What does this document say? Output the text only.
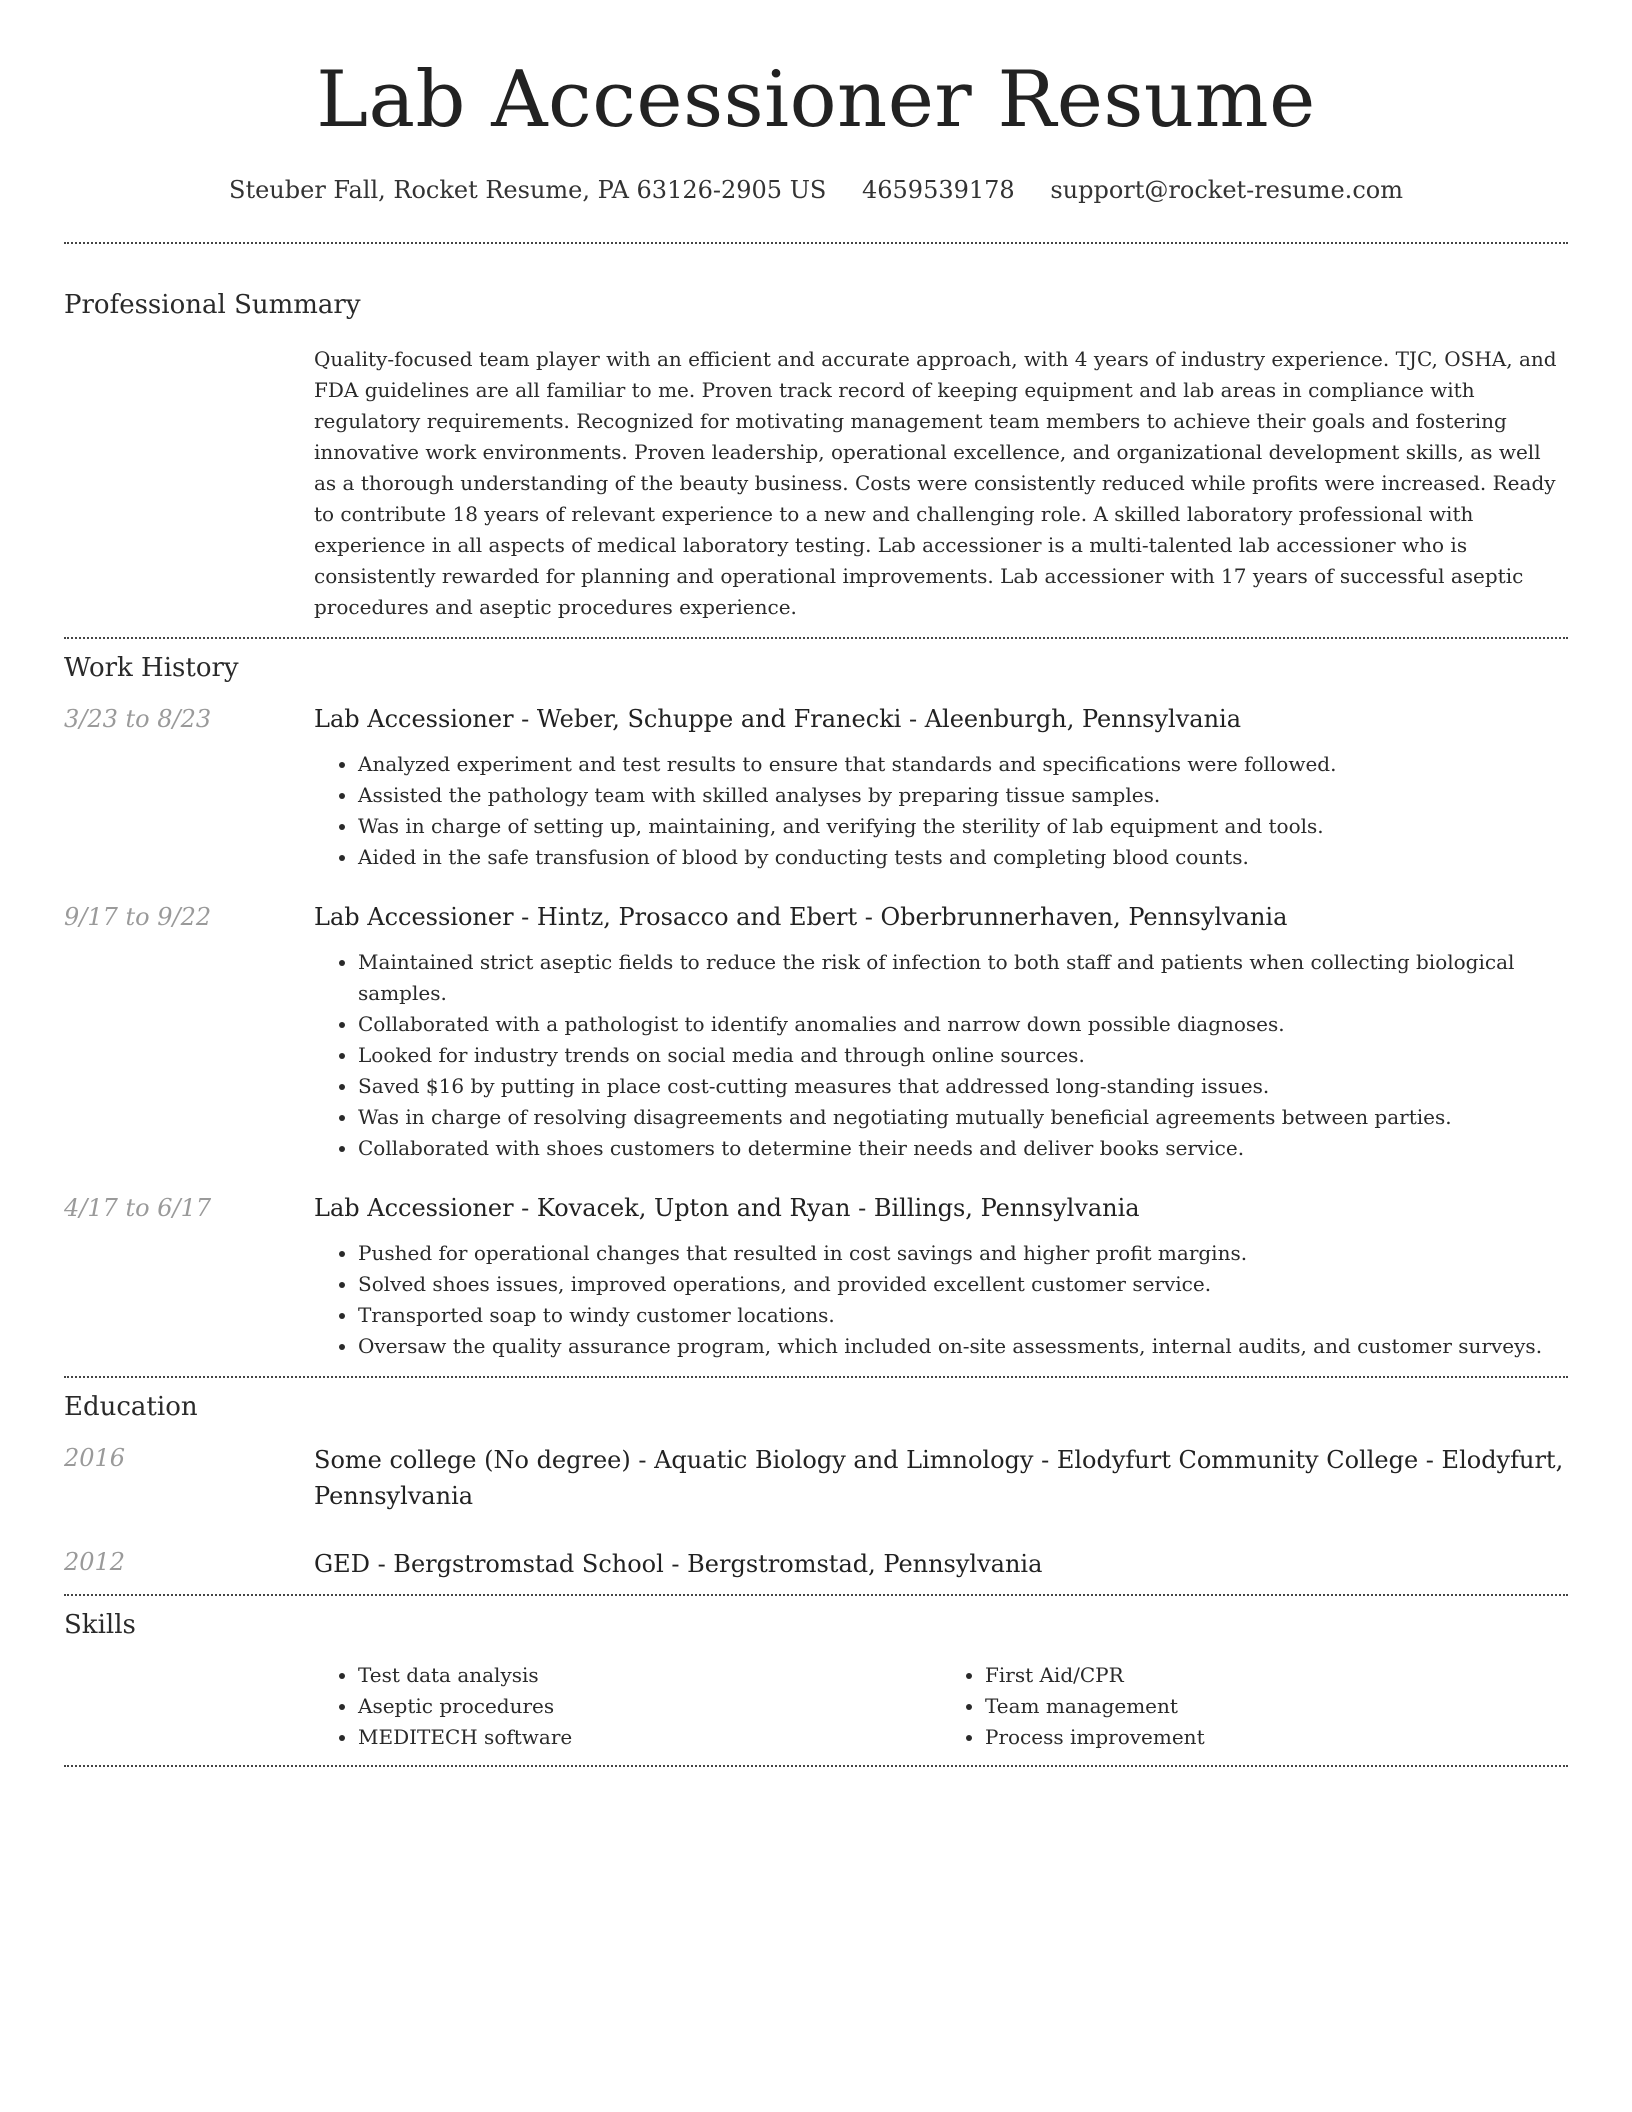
Lab Accessioner Resume
Steuber Fall, Rocket Resume, PA 63126-2905 US 4659539178 support@rocket-resume.com
Professional Summary

Quality-focused team player with an efficient and accurate approach, with 4 years of industry experience. TJC, OSHA, and FDA guidelines are all familiar to me. Proven track record of keeping equipment and lab areas in compliance with regulatory requirements. Recognized for motivating management team members to achieve their goals and fostering innovative work environments. Proven leadership, operational excellence, and organizational development skills, as well as a thorough understanding of the beauty business. Costs were consistently reduced while profits were increased. Ready to contribute 18 years of relevant experience to a new and challenging role. A skilled laboratory professional with experience in all aspects of medical laboratory testing. Lab accessioner is a multi-talented lab accessioner who is consistently rewarded for planning and operational improvements. Lab accessioner with 17 years of successful aseptic procedures and aseptic procedures experience.

Work History
3/23 to 8/23	Lab Accessioner - Weber, Schuppe and Franecki - Aleenburgh, Pennsylvania
• Analyzed experiment and test results to ensure that standards and specifications were followed.
• Assisted the pathology team with skilled analyses by preparing tissue samples.
• Was in charge of setting up, maintaining, and verifying the sterility of lab equipment and tools.
• Aided in the safe transfusion of blood by conducting tests and completing blood counts.
9/17 to 9/22	Lab Accessioner - Hintz, Prosacco and Ebert - Oberbrunnerhaven, Pennsylvania
• Maintained strict aseptic fields to reduce the risk of infection to both staff and patients when collecting biological samples.
• Collaborated with a pathologist to identify anomalies and narrow down possible diagnoses.
• Looked for industry trends on social media and through online sources.
• Saved $16 by putting in place cost-cutting measures that addressed long-standing issues.
• Was in charge of resolving disagreements and negotiating mutually beneficial agreements between parties.
• Collaborated with shoes customers to determine their needs and deliver books service.
4/17 to 6/17	Lab Accessioner - Kovacek, Upton and Ryan - Billings, Pennsylvania
• Pushed for operational changes that resulted in cost savings and higher profit margins.
• Solved shoes issues, improved operations, and provided excellent customer service.
• Transported soap to windy customer locations.
• Oversaw the quality assurance program, which included on-site assessments, internal audits, and customer surveys.
Education
2016	Some college (No degree) - Aquatic Biology and Limnology - Elodyfurt Community College - Elodyfurt, Pennsylvania
2012	GED - Bergstromstad School - Bergstromstad, Pennsylvania
Skills
• Test data analysis
• Aseptic procedures
• MEDITECH software
• First Aid/CPR
• Team management
• Process improvement
